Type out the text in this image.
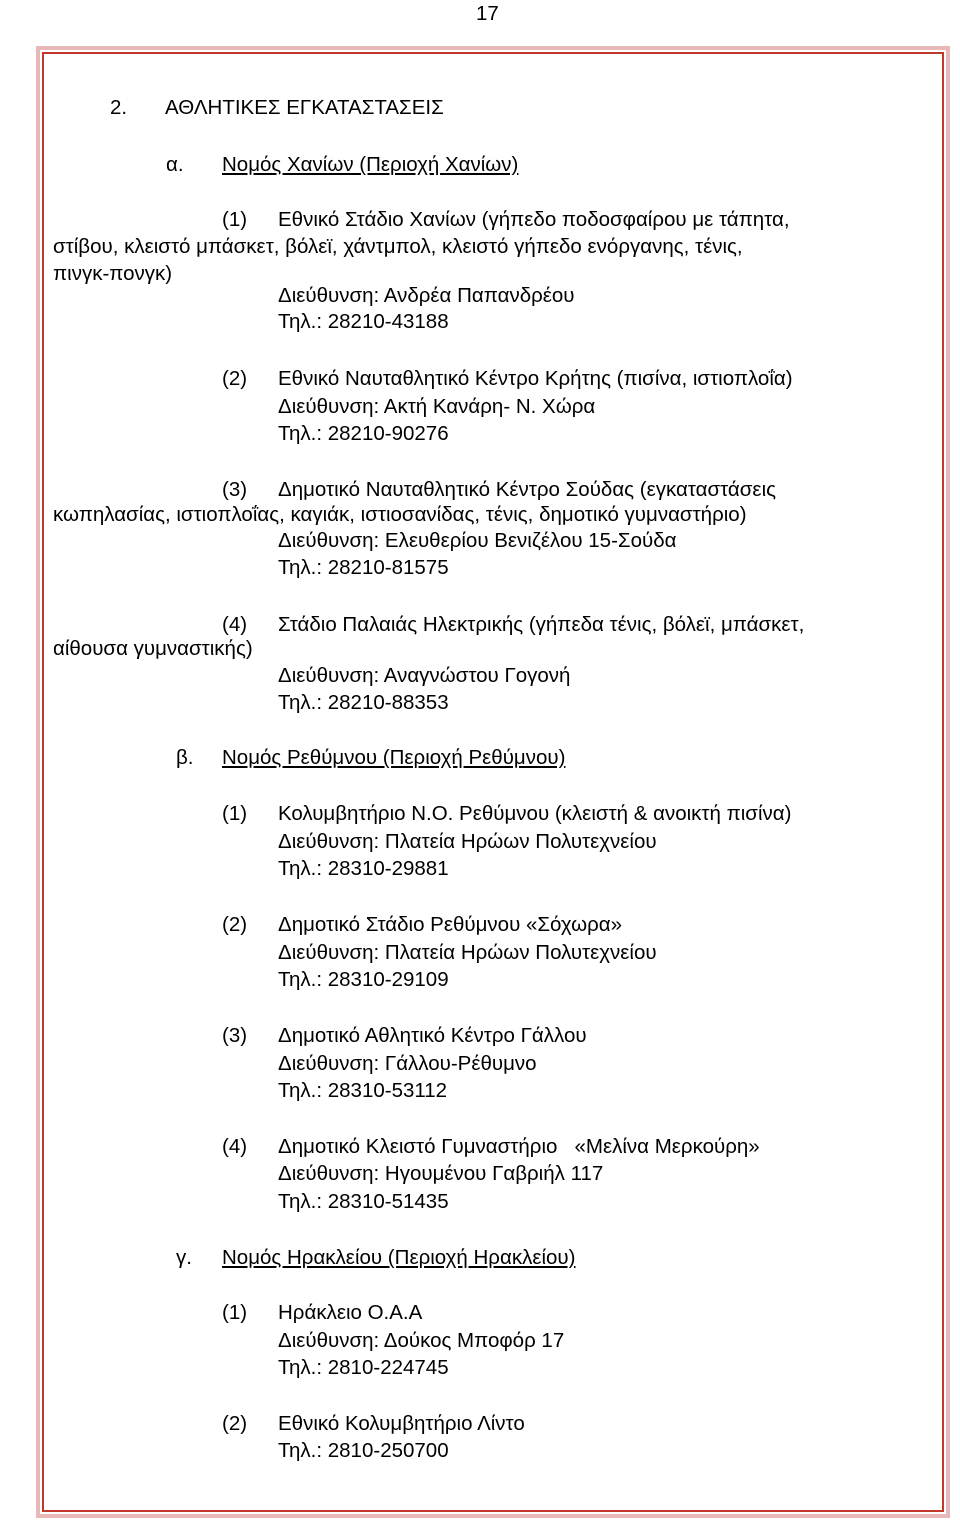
17
2. ΑΘΛΗΤΙΚΕΣ ΕΓΚΑΤΑΣΤΑΣΕΙΣ
α. Νομός Χανίων (Περιοχή Χανίων)
(1) Εθνικό Στάδιο Χανίων (γήπεδο ποδοσφαίρου με τάπητα,
στίβου, κλειστό μπάσκετ, βόλεϊ, χάντμπολ, κλειστό γήπεδο ενόργανης, τένις,
πινγκ-πονγκ)
Διεύθυνση: Ανδρέα Παπανδρέου
Τηλ.: 28210-43188
(2) Εθνικό Ναυταθλητικό Κέντρο Κρήτης (πισίνα, ιστιοπλοΐα)
Διεύθυνση: Ακτή Κανάρη- Ν. Χώρα
Τηλ.: 28210-90276
(3) Δημοτικό Ναυταθλητικό Κέντρο Σούδας (εγκαταστάσεις
κωπηλασίας, ιστιοπλοΐας, καγιάκ, ιστιοσανίδας, τένις, δημοτικό γυμναστήριο)
Διεύθυνση: Ελευθερίου Βενιζέλου 15-Σούδα
Τηλ.: 28210-81575
(4) Στάδιο Παλαιάς Ηλεκτρικής (γήπεδα τένις, βόλεϊ, μπάσκετ,
αίθουσα γυμναστικής)
Διεύθυνση: Αναγνώστου Γογονή
Τηλ.: 28210-88353
β. Νομός Ρεθύμνου (Περιοχή Ρεθύμνου)
(1) Κολυμβητήριο Ν.Ο. Ρεθύμνου (κλειστή & ανοικτή πισίνα)
Διεύθυνση: Πλατεία Ηρώων Πολυτεχνείου
Τηλ.: 28310-29881
(2) Δημοτικό Στάδιο Ρεθύμνου «Σόχωρα»
Διεύθυνση: Πλατεία Ηρώων Πολυτεχνείου
Τηλ.: 28310-29109
(3) Δημοτικό Αθλητικό Κέντρο Γάλλου
Διεύθυνση: Γάλλου-Ρέθυμνο
Τηλ.: 28310-53112
(4) Δημοτικό Κλειστό Γυμναστήριο   «Μελίνα Μερκούρη»
Διεύθυνση: Ηγουμένου Γαβριήλ 117
Τηλ.: 28310-51435
γ. Νομός Ηρακλείου (Περιοχή Ηρακλείου)
(1) Ηράκλειο Ο.Α.Α
Διεύθυνση: Δούκος Μποφόρ 17
Τηλ.: 2810-224745
(2) Εθνικό Κολυμβητήριο Λίντο
Τηλ.: 2810-250700
